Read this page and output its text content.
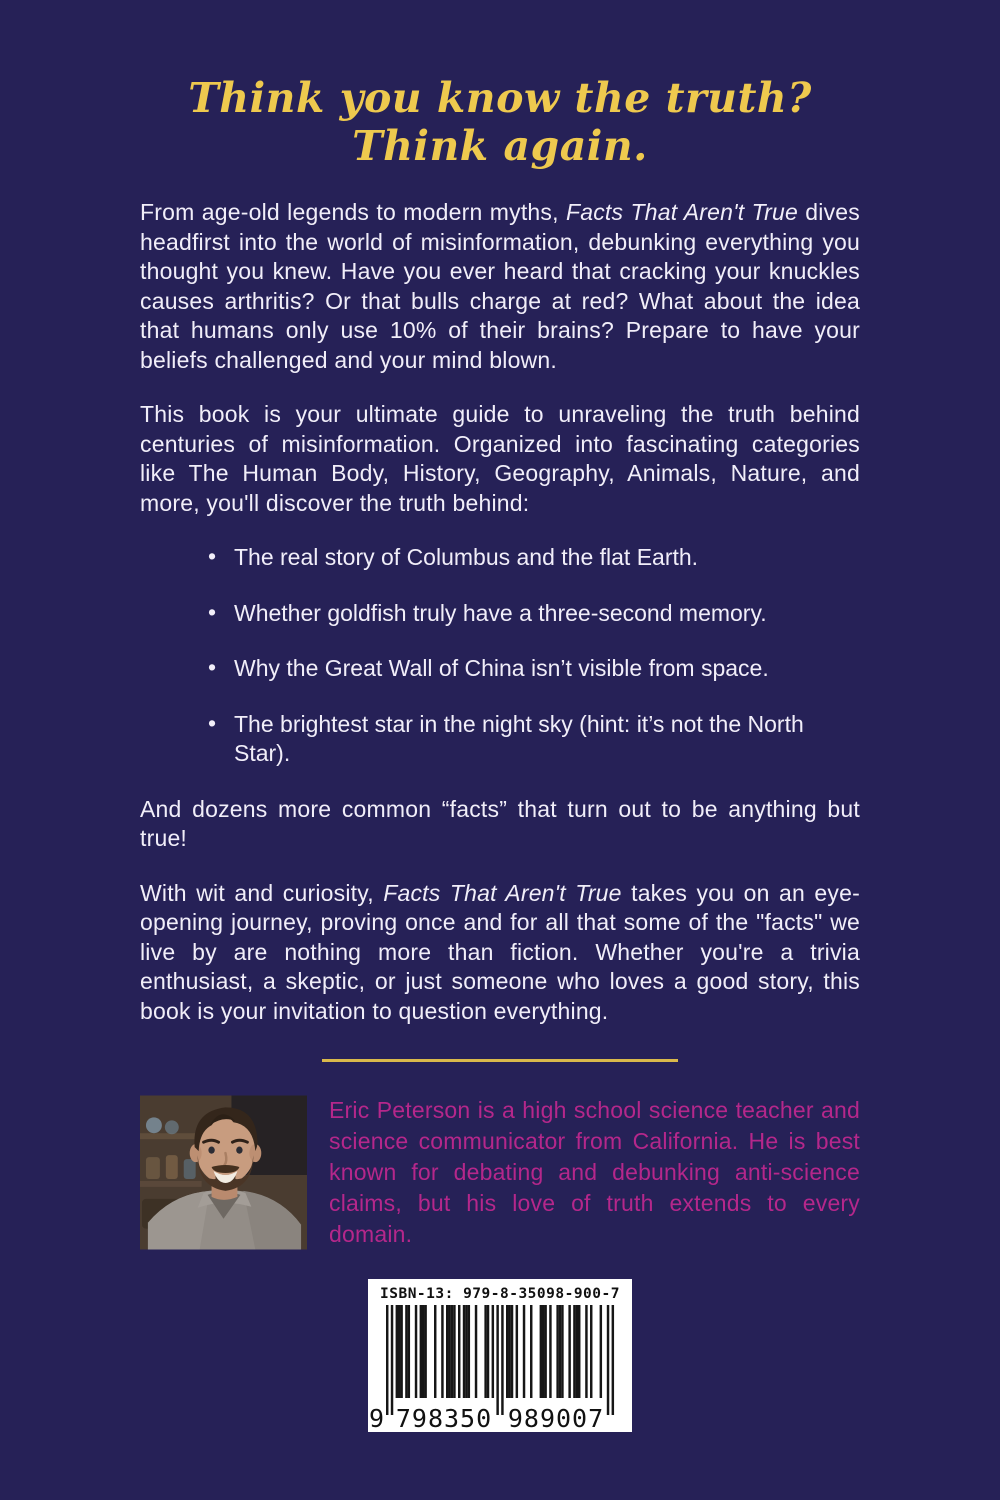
Think you know the truth? Think again.

From age-old legends to modern myths, Facts That Aren't True dives headfirst into the world of misinformation, debunking everything you thought you knew. Have you ever heard that cracking your knuckles causes arthritis? Or that bulls charge at red? What about the idea that humans only use 10% of their brains? Prepare to have your beliefs challenged and your mind blown.

This book is your ultimate guide to unraveling the truth behind centuries of misinformation. Organized into fascinating categories like The Human Body, History, Geography, Animals, Nature, and more, you'll discover the truth behind:

• The real story of Columbus and the flat Earth.
• Whether goldfish truly have a three-second memory.
• Why the Great Wall of China isn’t visible from space.
• The brightest star in the night sky (hint: it’s not the North Star).

And dozens more common “facts” that turn out to be anything but true!

With wit and curiosity, Facts That Aren't True takes you on an eye-opening journey, proving once and for all that some of the "facts" we live by are nothing more than fiction. Whether you're a trivia enthusiast, a skeptic, or just someone who loves a good story, this book is your invitation to question everything.

Eric Peterson is a high school science teacher and science communicator from California. He is best known for debating and debunking anti-science claims, but his love of truth extends to every domain.

ISBN-13: 979-8-35098-900-7
9 798350 989007
